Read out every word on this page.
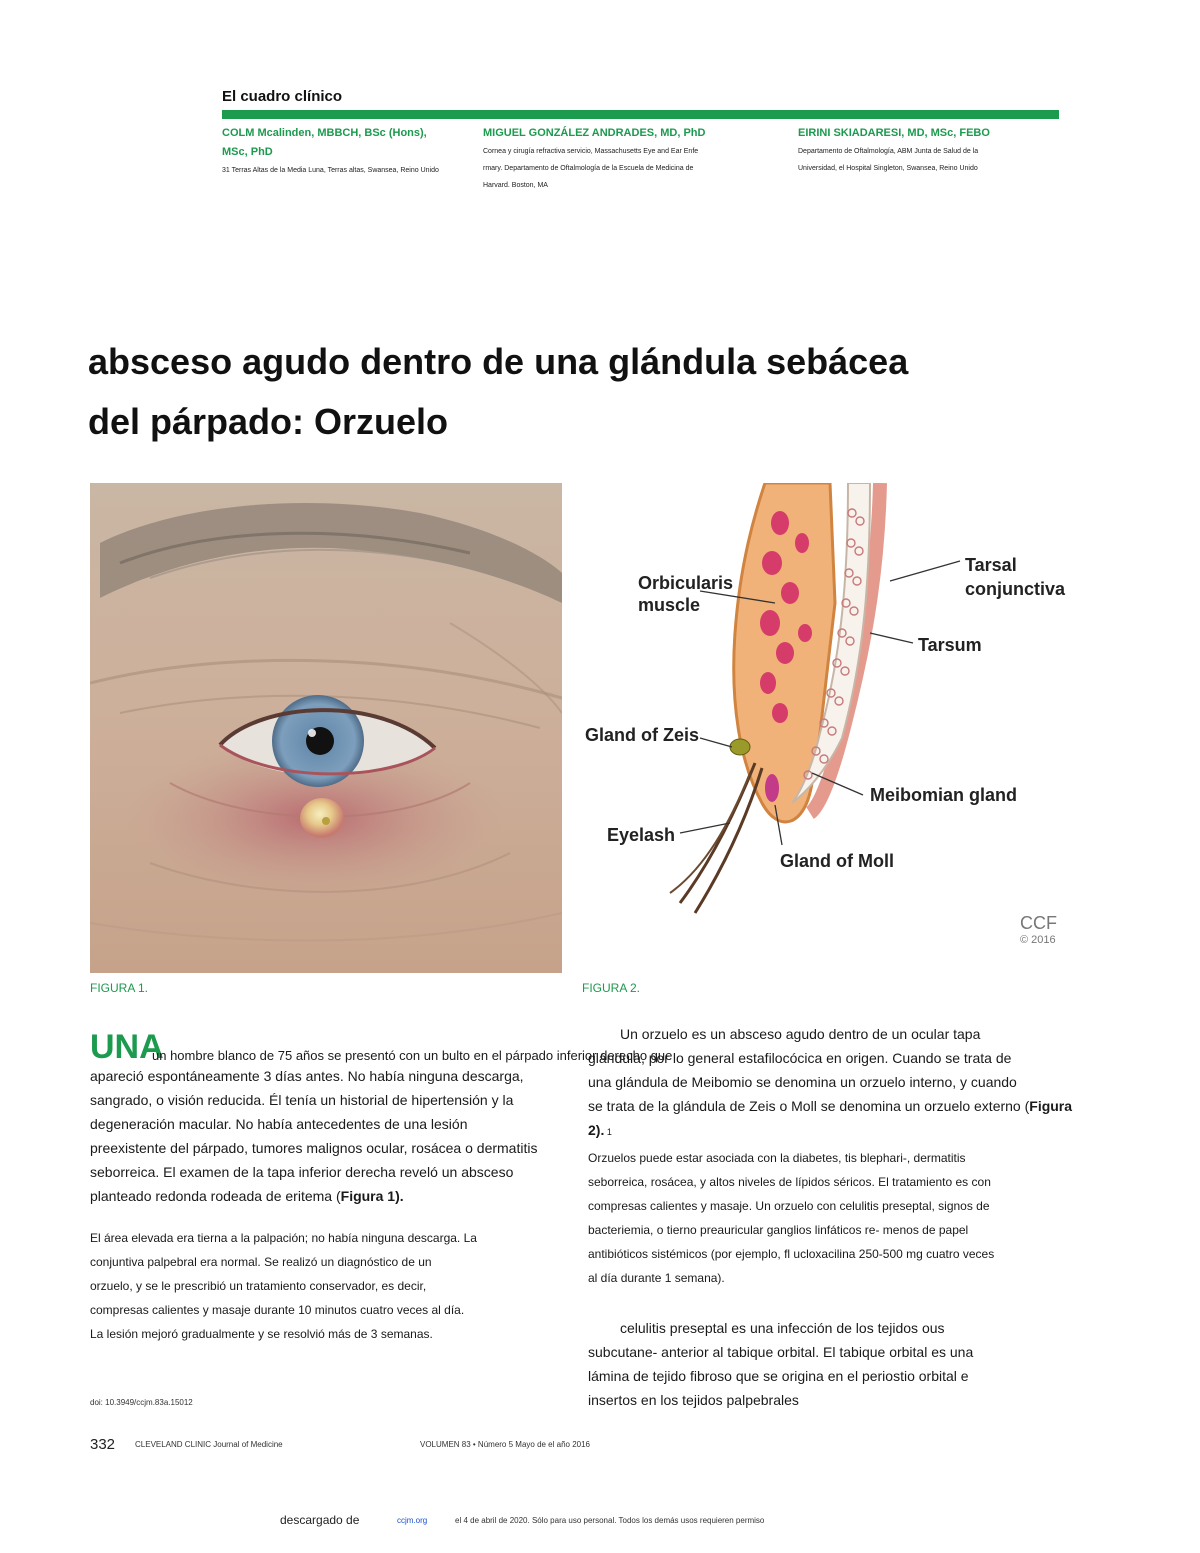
El cuadro clínico
COLM Mcalinden, MBBCH, BSc (Hons),
MSc, PhD
31 Terras Altas de la Media Luna, Terras altas, Swansea, Reino Unido
MIGUEL GONZÁLEZ ANDRADES, MD, PhD
Cornea y cirugía refractiva servicio, Massachusetts Eye and Ear Enfe
rmary. Departamento de Oftalmología de la Escuela de Medicina de
Harvard. Boston, MA
EIRINI SKIADARESI, MD, MSc, FEBO
Departamento de Oftalmología, ABM Junta de Salud de la
Universidad, el Hospital Singleton, Swansea, Reino Unido
absceso agudo dentro de una glándula sebácea
del párpado: Orzuelo
FIGURA 1.
Orbicularis
muscle
Tarsal
conjunctiva
Tarsum
Gland of Zeis
Meibomian gland
Eyelash
Gland of Moll
CCF
© 2016
FIGURA 2.
UNA
un hombre blanco de 75 años se presentó con un bulto en el párpado inferior derecho que
apareció espontáneamente 3 días antes. No había ninguna descarga,
sangrado, o visión reducida. Él tenía un historial de hipertensión y la
degeneración macular. No había antecedentes de una lesión
preexistente del párpado, tumores malignos ocular, rosácea o dermatitis
seborreica. El examen de la tapa inferior derecha reveló un absceso
planteado redonda rodeada de eritema (Figura 1).
El área elevada era tierna a la palpación; no había ninguna descarga. La
conjuntiva palpebral era normal. Se realizó un diagnóstico de un
orzuelo, y se le prescribió un tratamiento conservador, es decir,
compresas calientes y masaje durante 10 minutos cuatro veces al día.
La lesión mejoró gradualmente y se resolvió más de 3 semanas.
doi: 10.3949/ccjm.83a.15012
Un orzuelo es un absceso agudo dentro de un ocular tapa
glándula, por lo general estafilocócica en origen. Cuando se trata de
una glándula de Meibomio se denomina un orzuelo interno, y cuando
se trata de la glándula de Zeis o Moll se denomina un orzuelo externo (Figura
2). 1
Orzuelos puede estar asociada con la diabetes, tis blephari-, dermatitis
seborreica, rosácea, y altos niveles de lípidos séricos. El tratamiento es con
compresas calientes y masaje. Un orzuelo con celulitis preseptal, signos de
bacteriemia, o tierno preauricular ganglios linfáticos re- menos de papel
antibióticos sistémicos (por ejemplo, fl ucloxacilina 250-500 mg cuatro veces
al día durante 1 semana).
celulitis preseptal es una infección de los tejidos ous
subcutane- anterior al tabique orbital. El tabique orbital es una
lámina de tejido fibroso que se origina en el periostio orbital e
insertos en los tejidos palpebrales
332 CLEVELAND CLINIC Journal of Medicine	VOLUMEN 83 • Número 5 Mayo de el año 2016
descargado de	ccjm.org	el 4 de abril de 2020. Sólo para uso personal. Todos los demás usos requieren permiso
